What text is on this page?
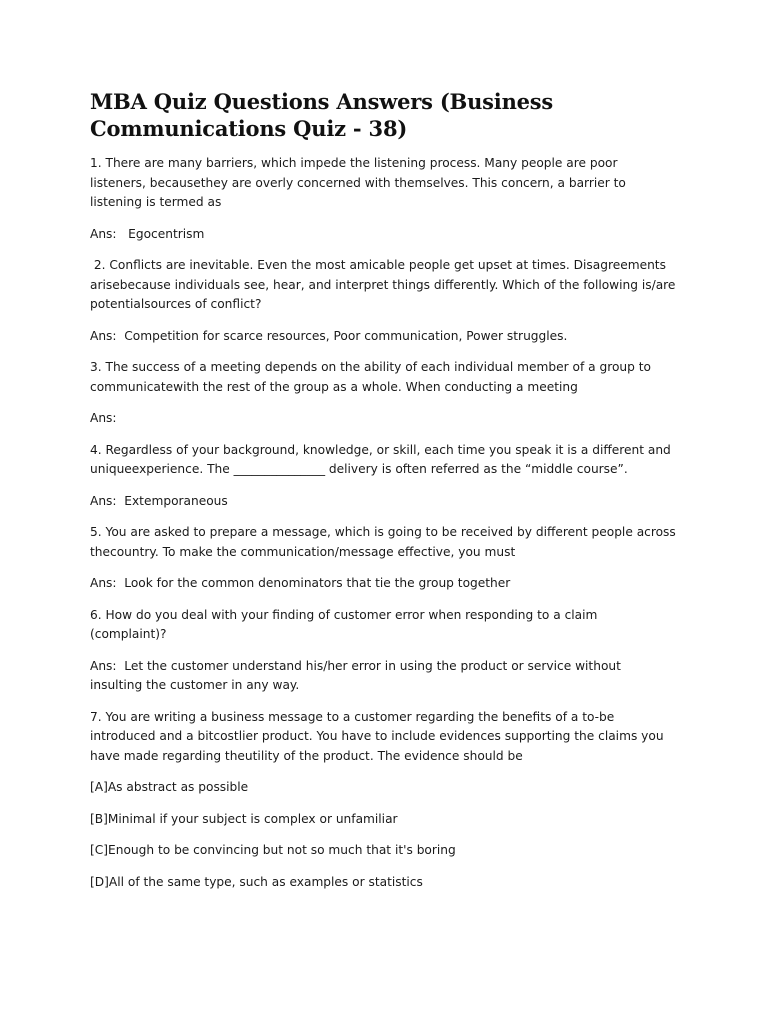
MBA Quiz Questions Answers (Business Communications Quiz - 38)

1. There are many barriers, which impede the listening process. Many people are poor listeners, becausethey are overly concerned with themselves. This concern, a barrier to listening is termed as

Ans:   Egocentrism

2. Conflicts are inevitable. Even the most amicable people get upset at times. Disagreements arisebecause individuals see, hear, and interpret things differently. Which of the following is/are potentialsources of conflict?

Ans:  Competition for scarce resources, Poor communication, Power struggles.

3. The success of a meeting depends on the ability of each individual member of a group to communicatewith the rest of the group as a whole. When conducting a meeting

Ans:

4. Regardless of your background, knowledge, or skill, each time you speak it is a different and uniqueexperience. The _______________ delivery is often referred as the “middle course”.

Ans:  Extemporaneous

5. You are asked to prepare a message, which is going to be received by different people across thecountry. To make the communication/message effective, you must

Ans:  Look for the common denominators that tie the group together

6. How do you deal with your finding of customer error when responding to a claim (complaint)?

Ans:  Let the customer understand his/her error in using the product or service without insulting the customer in any way.

7. You are writing a business message to a customer regarding the benefits of a to-be introduced and a bitcostlier product. You have to include evidences supporting the claims you have made regarding theutility of the product. The evidence should be

[A]As abstract as possible

[B]Minimal if your subject is complex or unfamiliar

[C]Enough to be convincing but not so much that it's boring

[D]All of the same type, such as examples or statistics
